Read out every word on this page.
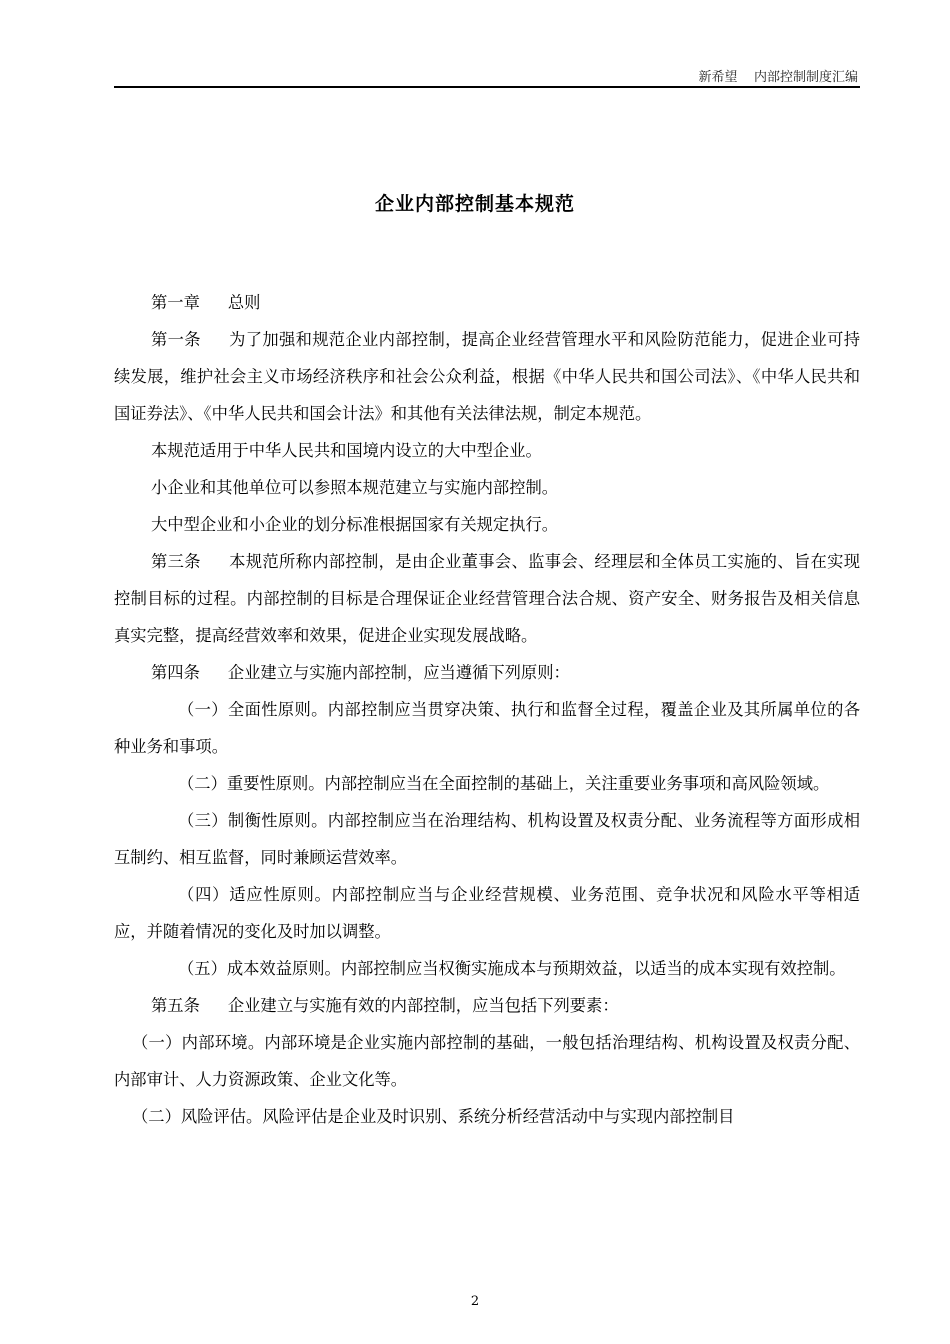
新希望    内部控制制度汇编
企业内部控制基本规范

第一章 总则

第一条 为了加强和规范企业内部控制，提高企业经营管理水平和风险防范能力，促进企业可持续发展，维护社会主义市场经济秩序和社会公众利益，根据《中华人民共和国公司法》、《中华人民共和国证券法》、《中华人民共和国会计法》和其他有关法律法规，制定本规范。

本规范适用于中华人民共和国境内设立的大中型企业。

小企业和其他单位可以参照本规范建立与实施内部控制。

大中型企业和小企业的划分标准根据国家有关规定执行。

第三条 本规范所称内部控制，是由企业董事会、监事会、经理层和全体员工实施的、旨在实现控制目标的过程。内部控制的目标是合理保证企业经营管理合法合规、资产安全、财务报告及相关信息真实完整，提高经营效率和效果，促进企业实现发展战略。

第四条 企业建立与实施内部控制，应当遵循下列原则：

（一）全面性原则。内部控制应当贯穿决策、执行和监督全过程，覆盖企业及其所属单位的各种业务和事项。

（二）重要性原则。内部控制应当在全面控制的基础上，关注重要业务事项和高风险领域。

（三）制衡性原则。内部控制应当在治理结构、机构设置及权责分配、业务流程等方面形成相互制约、相互监督，同时兼顾运营效率。

（四）适应性原则。内部控制应当与企业经营规模、业务范围、竞争状况和风险水平等相适应，并随着情况的变化及时加以调整。

（五）成本效益原则。内部控制应当权衡实施成本与预期效益，以适当的成本实现有效控制。

第五条 企业建立与实施有效的内部控制，应当包括下列要素：

（一）内部环境。内部环境是企业实施内部控制的基础，一般包括治理结构、机构设置及权责分配、内部审计、人力资源政策、企业文化等。

（二）风险评估。风险评估是企业及时识别、系统分析经营活动中与实现内部控制目

2
